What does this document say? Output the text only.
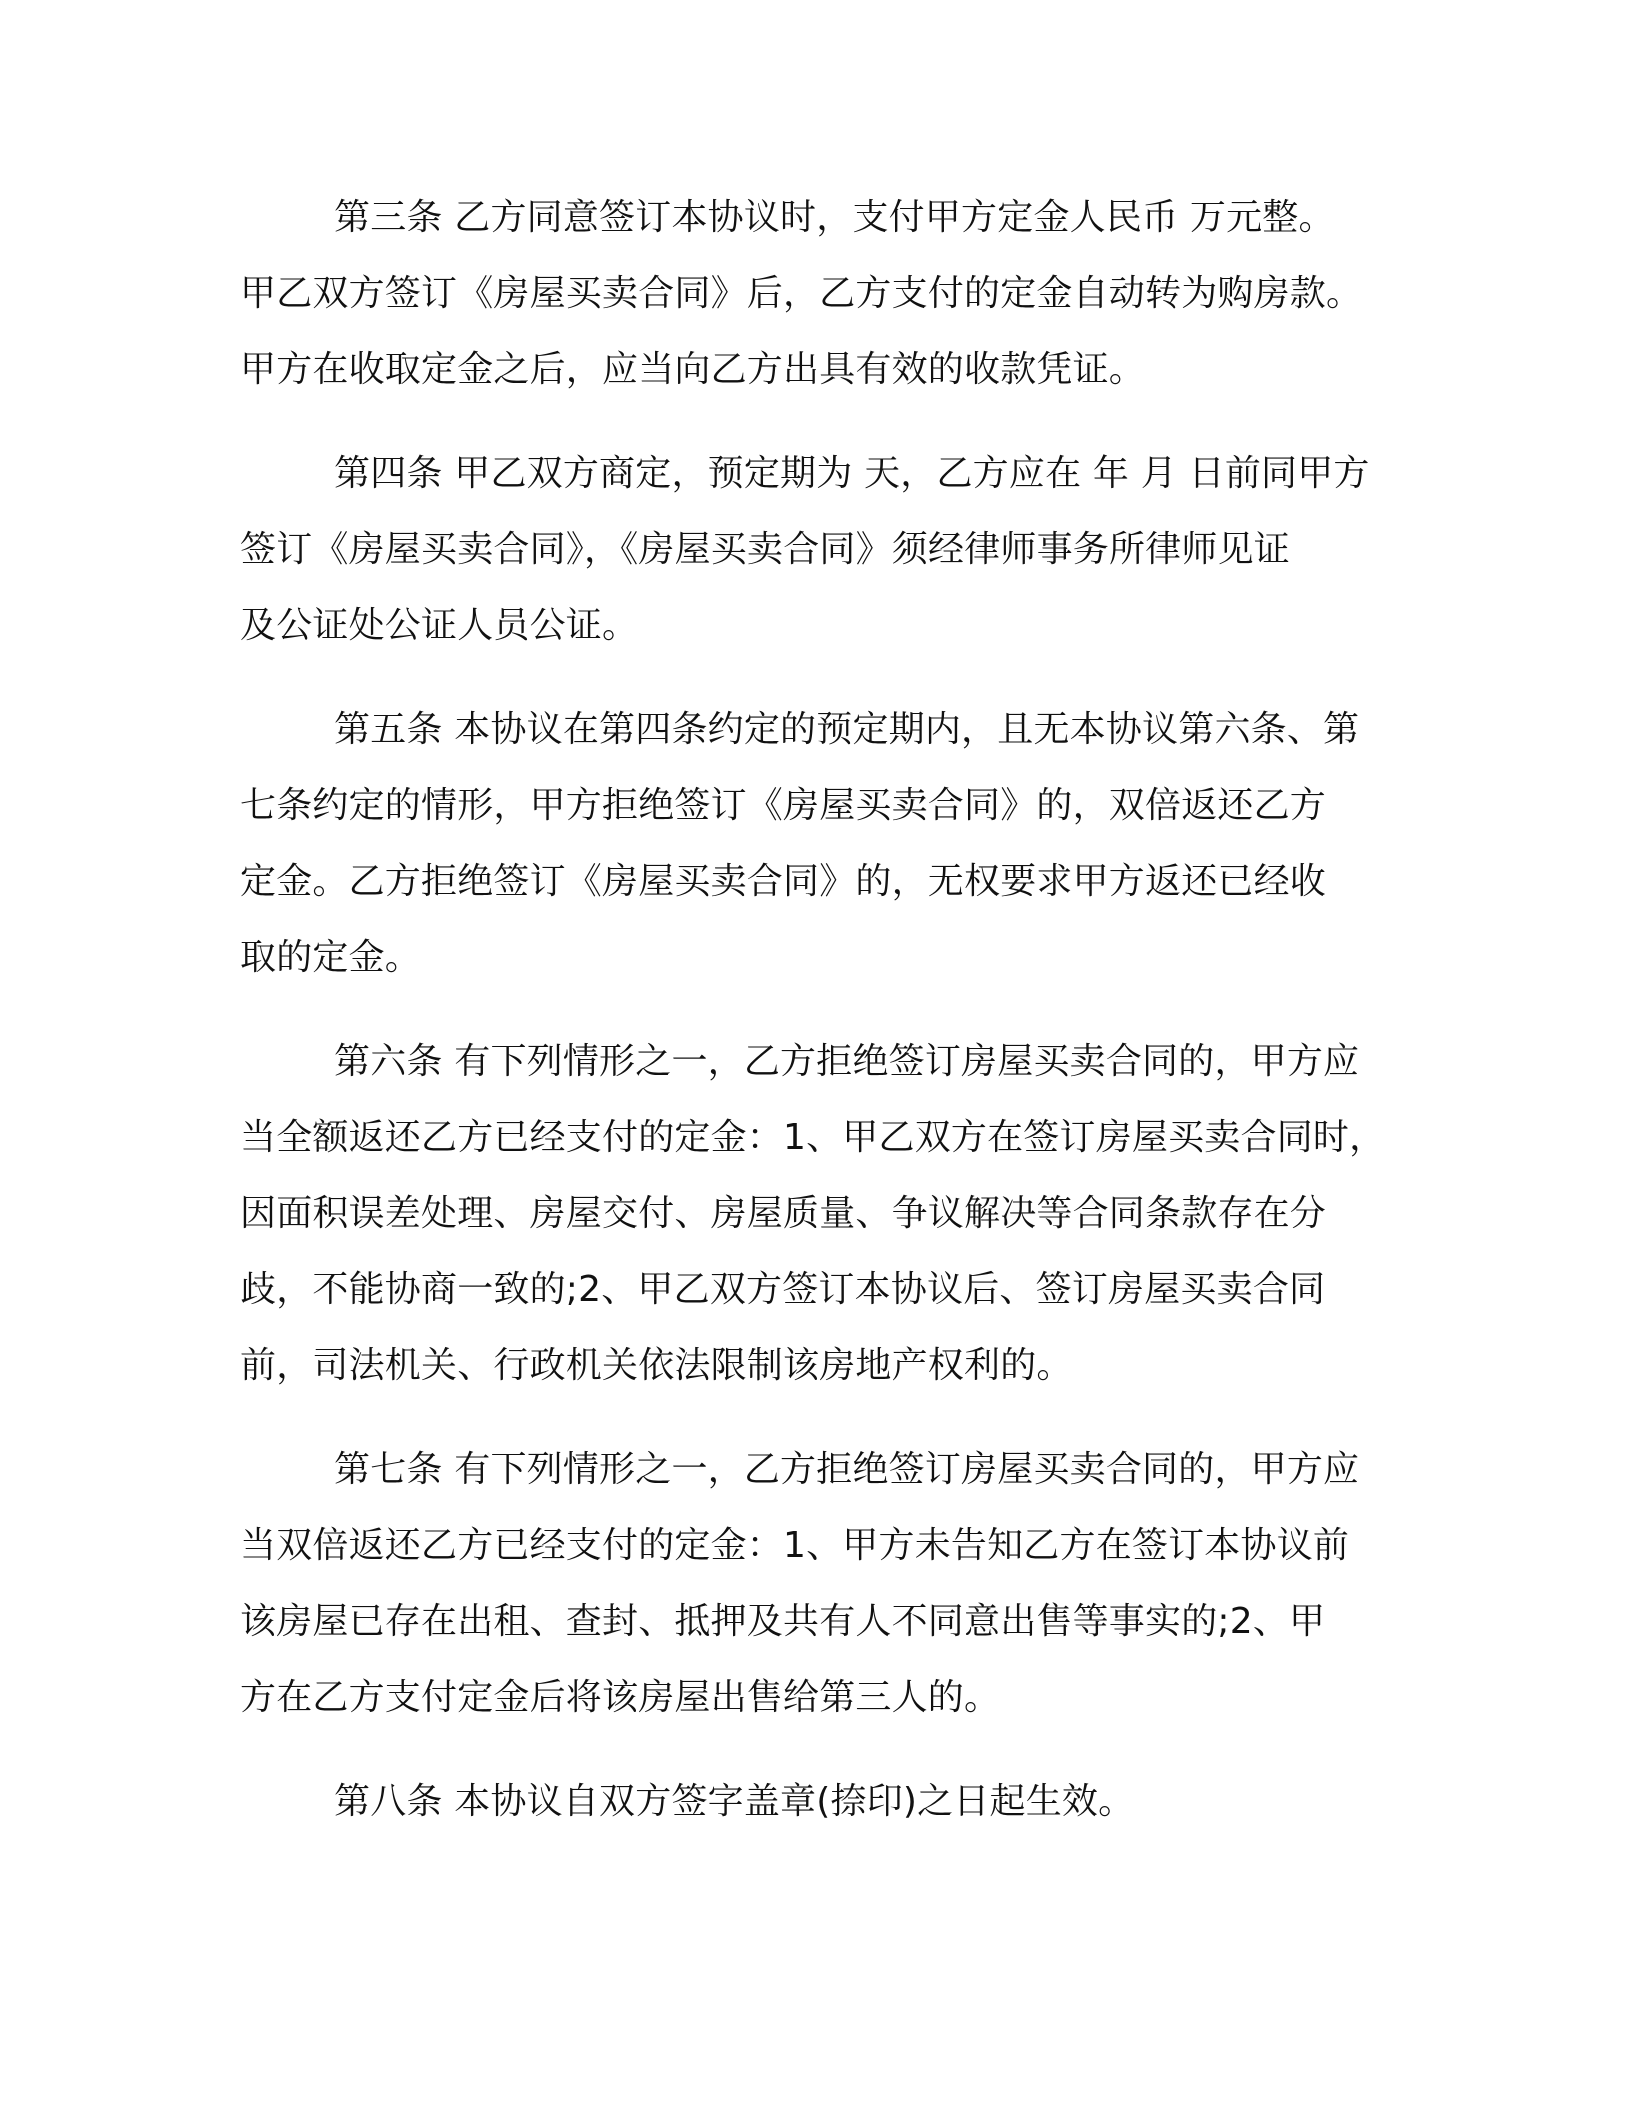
第三条 乙方同意签订本协议时，支付甲方定金人民币 万元整。
甲乙双方签订《房屋买卖合同》后，乙方支付的定金自动转为购房款。
甲方在收取定金之后，应当向乙方出具有效的收款凭证。
第四条 甲乙双方商定，预定期为 天，乙方应在 年 月 日前同甲方
签订《房屋买卖合同》，《房屋买卖合同》须经律师事务所律师见证
及公证处公证人员公证。
第五条 本协议在第四条约定的预定期内，且无本协议第六条、第
七条约定的情形，甲方拒绝签订《房屋买卖合同》的，双倍返还乙方
定金。乙方拒绝签订《房屋买卖合同》的，无权要求甲方返还已经收
取的定金。
第六条 有下列情形之一，乙方拒绝签订房屋买卖合同的，甲方应
当全额返还乙方已经支付的定金：1、甲乙双方在签订房屋买卖合同时，
因面积误差处理、房屋交付、房屋质量、争议解决等合同条款存在分
歧，不能协商一致的;2、甲乙双方签订本协议后、签订房屋买卖合同
前，司法机关、行政机关依法限制该房地产权利的。
第七条 有下列情形之一，乙方拒绝签订房屋买卖合同的，甲方应
当双倍返还乙方已经支付的定金：1、甲方未告知乙方在签订本协议前
该房屋已存在出租、查封、抵押及共有人不同意出售等事实的;2、甲
方在乙方支付定金后将该房屋出售给第三人的。
第八条 本协议自双方签字盖章(捺印)之日起生效。
